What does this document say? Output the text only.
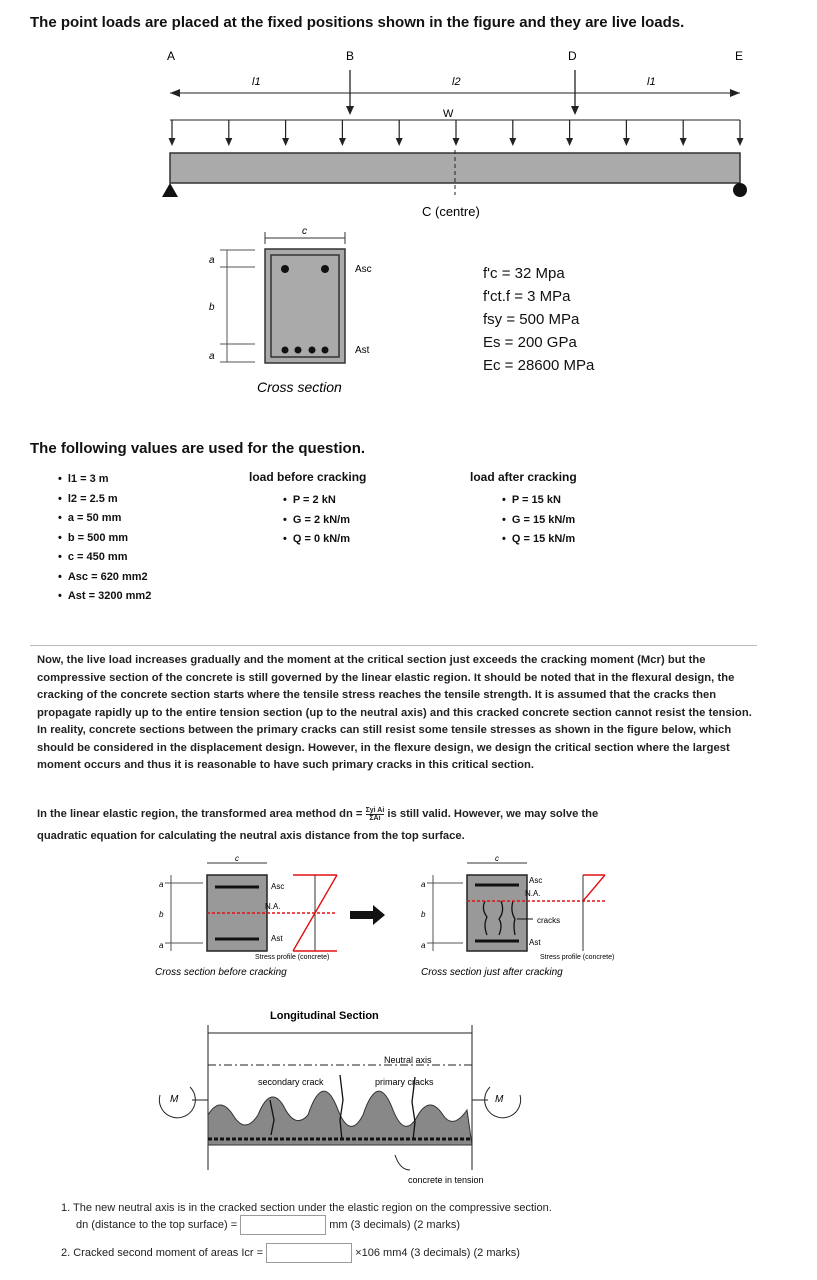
The point loads are placed at the fixed positions shown in the figure and they are live loads.
A	B	D	E
l1	l2	l1
W
C (centre)
c
a
b
a
Asc
Ast
Cross section
f'c = 32 Mpa
f'ct.f = 3 MPa
fsy = 500 MPa
Es = 200 GPa
Ec = 28600 MPa
The following values are used for the question.
• l1 = 3 m
• l2 = 2.5 m
• a = 50 mm
• b = 500 mm
• c = 450 mm
• Asc = 620 mm2
• Ast = 3200 mm2
load before cracking
• P = 2 kN
• G = 2 kN/m
• Q = 0 kN/m
load after cracking
• P = 15 kN
• G = 15 kN/m
• Q = 15 kN/m
Now, the live load increases gradually and the moment at the critical section just exceeds the cracking moment (Mcr) but the compressive section of the concrete is still governed by the linear elastic region. It should be noted that in the flexural design, the cracking of the concrete section starts where the tensile stress reaches the tensile strength. It is assumed that the cracks then propagate rapidly up to the entire tension section (up to the neutral axis) and this cracked concrete section cannot resist the tension. In reality, concrete sections between the primary cracks can still resist some tensile stresses as shown in the figure below, which should be considered in the displacement design. However, in the flexure design, we design the critical section where the largest moment occurs and thus it is reasonable to have such primary cracks in this critical section.
In the linear elastic region, the transformed area method dn = $\frac{\text{Σyi Ai}}{\text{ΣAi}}$ is still valid. However, we may solve the
quadratic equation for calculating the neutral axis distance from the top surface.
c
a
b
a
Asc
N.A.
Ast
Stress profile (concrete)
Cross section before cracking
c
a
b
a
Asc
N.A.
cracks
Ast
Stress profile (concrete)
Cross section just after cracking
Longitudinal Section
Neutral axis
secondary crack	primary cracks
M	M
concrete in tension
1. The new neutral axis is in the cracked section under the elastic region on the compressive section.
dn (distance to the top surface) =	mm (3 decimals) (2 marks)
2. Cracked second moment of areas Icr =	×106 mm4 (3 decimals) (2 marks)
